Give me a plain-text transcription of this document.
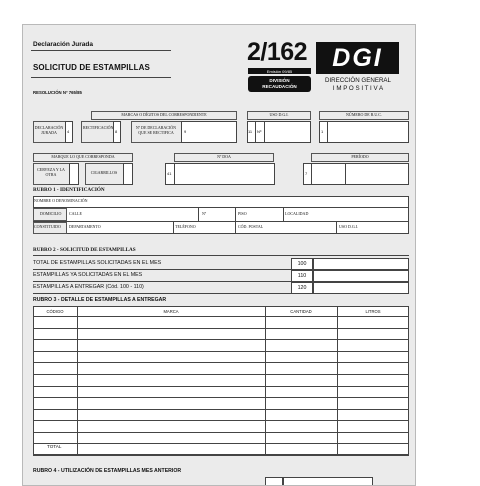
Declaración Jurada
SOLICITUD DE ESTAMPILLAS
RESOLUCIÓN Nº 765/85
2/162
Emisión 09/85
DIVISIÓN
RECAUDACIÓN
DGI
DIRECCIÓN GENERAL
I M P O S I T I V A
MARCAS O DÍGITOS DEL CORRESPONDIENTE
DECLARACIÓN JURADA	4
RECTIFICACIÓN
8
Nº DE DECLARACIÓN QUE SE RECTIFICA	9
USO D.G.I.
11 Nº
NÚMERO DE R.U.C.
1
MARQUE LO QUE CORRESPONDA
CERVEZA Y LA OTRA	CIGARRILLOS
Nº DOA
41
PERÍODO
7
RUBRO 1 - IDENTIFICACIÓN
NOMBRE O DENOMINACIÓN
DOMICILIO CALLE	Nº	PISO	LOCALIDAD
CONSTITUIDO DEPARTAMENTO	TELÉFONO	CÓD. POSTAL	USO D.G.I.
RUBRO 2 - SOLICITUD DE ESTAMPILLAS
TOTAL DE ESTAMPILLAS SOLICITADAS EN EL MES	100
ESTAMPILLAS YA SOLICITADAS EN EL MES	110
ESTAMPILLAS A ENTREGAR (Cód. 100 - 110)	120
RUBRO 3 - DETALLE DE ESTAMPILLAS A ENTREGAR
CÓDIGO	MARCA	CANTIDAD	LITROS
TOTAL
RUBRO 4 - UTILIZACIÓN DE ESTAMPILLAS MES ANTERIOR
